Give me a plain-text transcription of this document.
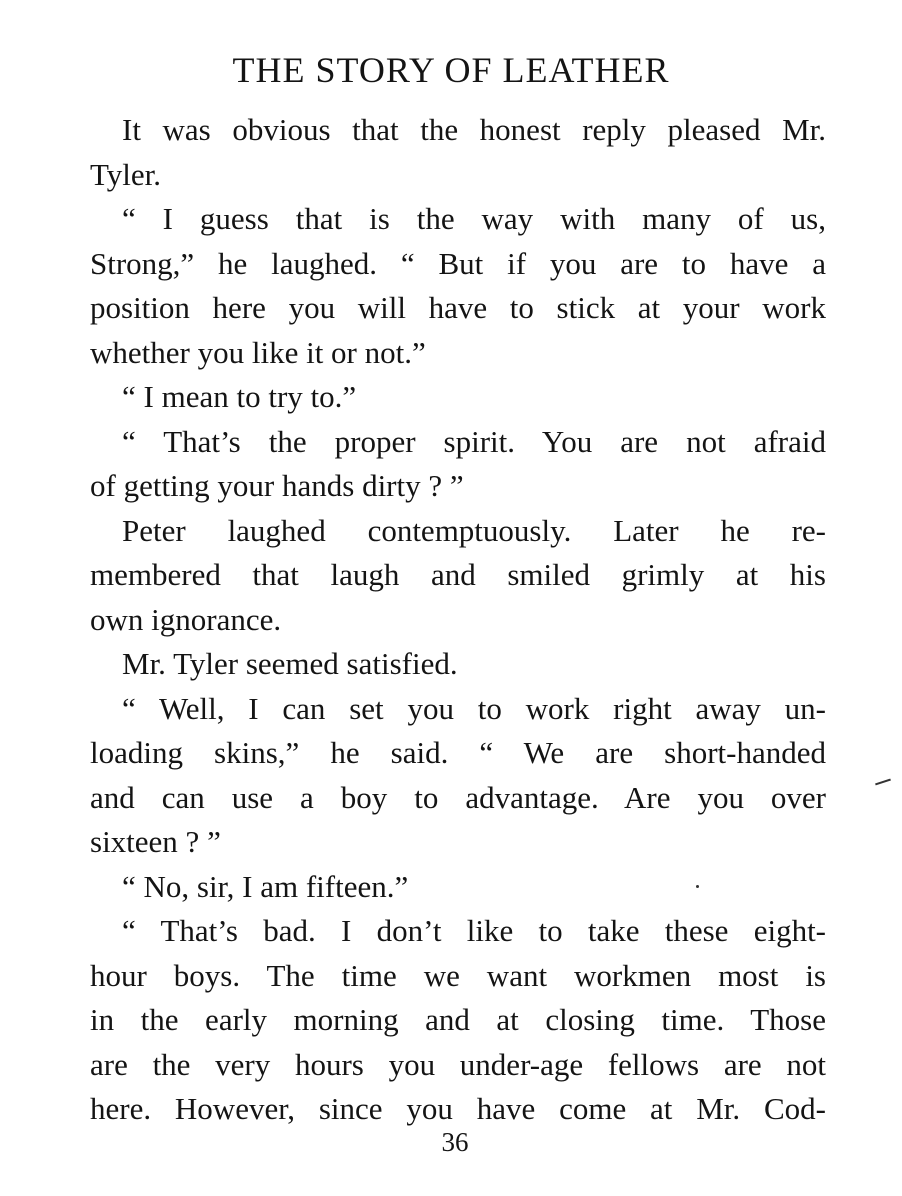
THE STORY OF LEATHER
It was obvious that the honest reply pleased Mr.
Tyler.
“ I guess that is the way with many of us,
Strong,” he laughed. “ But if you are to have a
position here you will have to stick at your work
whether you like it or not.”
“ I mean to try to.”
“ That’s the proper spirit. You are not afraid
of getting your hands dirty ? ”
Peter laughed contemptuously. Later he re-
membered that laugh and smiled grimly at his
own ignorance.
Mr. Tyler seemed satisfied.
“ Well, I can set you to work right away un-
loading skins,” he said. “ We are short-handed
and can use a boy to advantage. Are you over
sixteen ? ”
“ No, sir, I am fifteen.”
“ That’s bad. I don’t like to take these eight-
hour boys. The time we want workmen most is
in the early morning and at closing time. Those
are the very hours you under-age fellows are not
here. However, since you have come at Mr. Cod-
36
